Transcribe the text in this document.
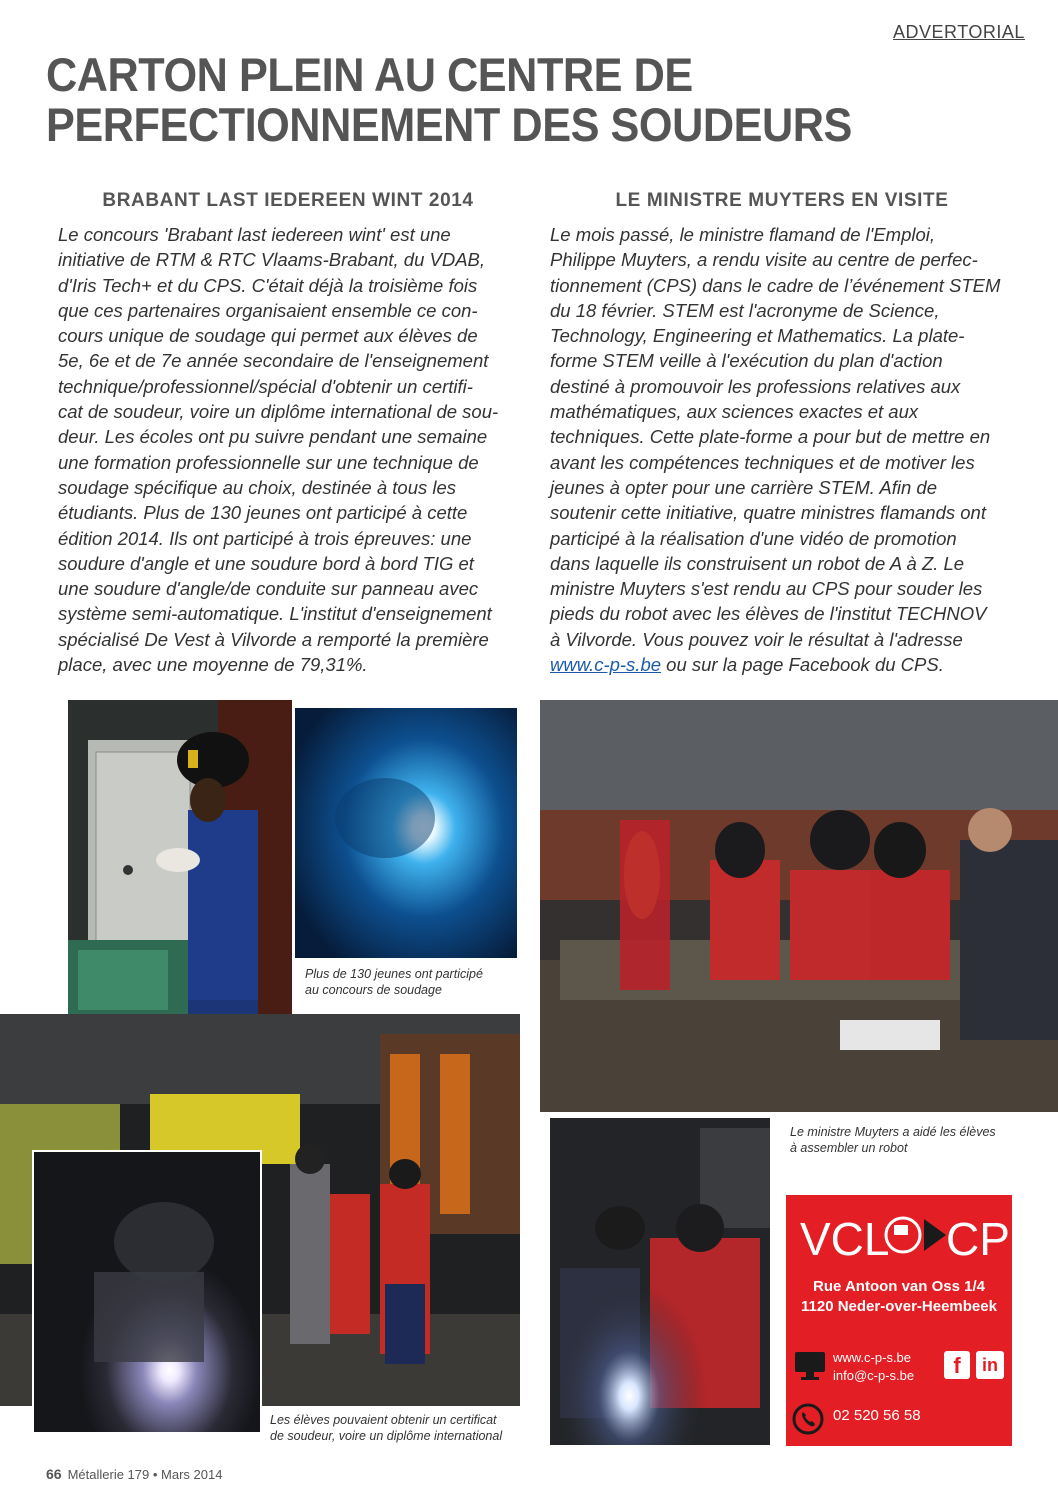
ADVERTORIAL
CARTON PLEIN AU CENTRE DE
PERFECTIONNEMENT DES SOUDEURS
BRABANT LAST IEDEREEN WINT 2014
Le concours 'Brabant last iedereen wint' est une
initiative de RTM & RTC Vlaams-Brabant, du VDAB,
d'Iris Tech+ et du CPS. C'était déjà la troisième fois
que ces partenaires organisaient ensemble ce con-
cours unique de soudage qui permet aux élèves de
5e, 6e et de 7e année secondaire de l'enseignement
technique/professionnel/spécial d'obtenir un certifi-
cat de soudeur, voire un diplôme international de sou-
deur. Les écoles ont pu suivre pendant une semaine
une formation professionnelle sur une technique de
soudage spécifique au choix, destinée à tous les
étudiants. Plus de 130 jeunes ont participé à cette
édition 2014. Ils ont participé à trois épreuves: une
soudure d'angle et une soudure bord à bord TIG et
une soudure d'angle/de conduite sur panneau avec
système semi-automatique. L'institut d'enseignement
spécialisé De Vest à Vilvorde a remporté la première
place, avec une moyenne de 79,31%.
LE MINISTRE MUYTERS EN VISITE
Le mois passé, le ministre flamand de l'Emploi,
Philippe Muyters, a rendu visite au centre de perfec-
tionnement (CPS) dans le cadre de l’événement STEM
du 18 février. STEM est l'acronyme de Science,
Technology, Engineering et Mathematics. La plate-
forme STEM veille à l'exécution du plan d'action
destiné à promouvoir les professions relatives aux
mathématiques, aux sciences exactes et aux
techniques. Cette plate-forme a pour but de mettre en
avant les compétences techniques et de motiver les
jeunes à opter pour une carrière STEM. Afin de
soutenir cette initiative, quatre ministres flamands ont
participé à la réalisation d'une vidéo de promotion
dans laquelle ils construisent un robot de A à Z. Le
ministre Muyters s'est rendu au CPS pour souder les
pieds du robot avec les élèves de l'institut TECHNOV
à Vilvorde. Vous pouvez voir le résultat à l'adresse
www.c-p-s.be ou sur la page Facebook du CPS.
Plus de 130 jeunes ont participé
au concours de soudage
Les élèves pouvaient obtenir un certificat
de soudeur, voire un diplôme international
Le ministre Muyters a aidé les élèves
à assembler un robot
VCL CPS
Rue Antoon van Oss 1/4
1120 Neder-over-Heembeek
www.c-p-s.be
info@c-p-s.be	f	in
02 520 56 58
66 Métallerie 179 • Mars 2014
